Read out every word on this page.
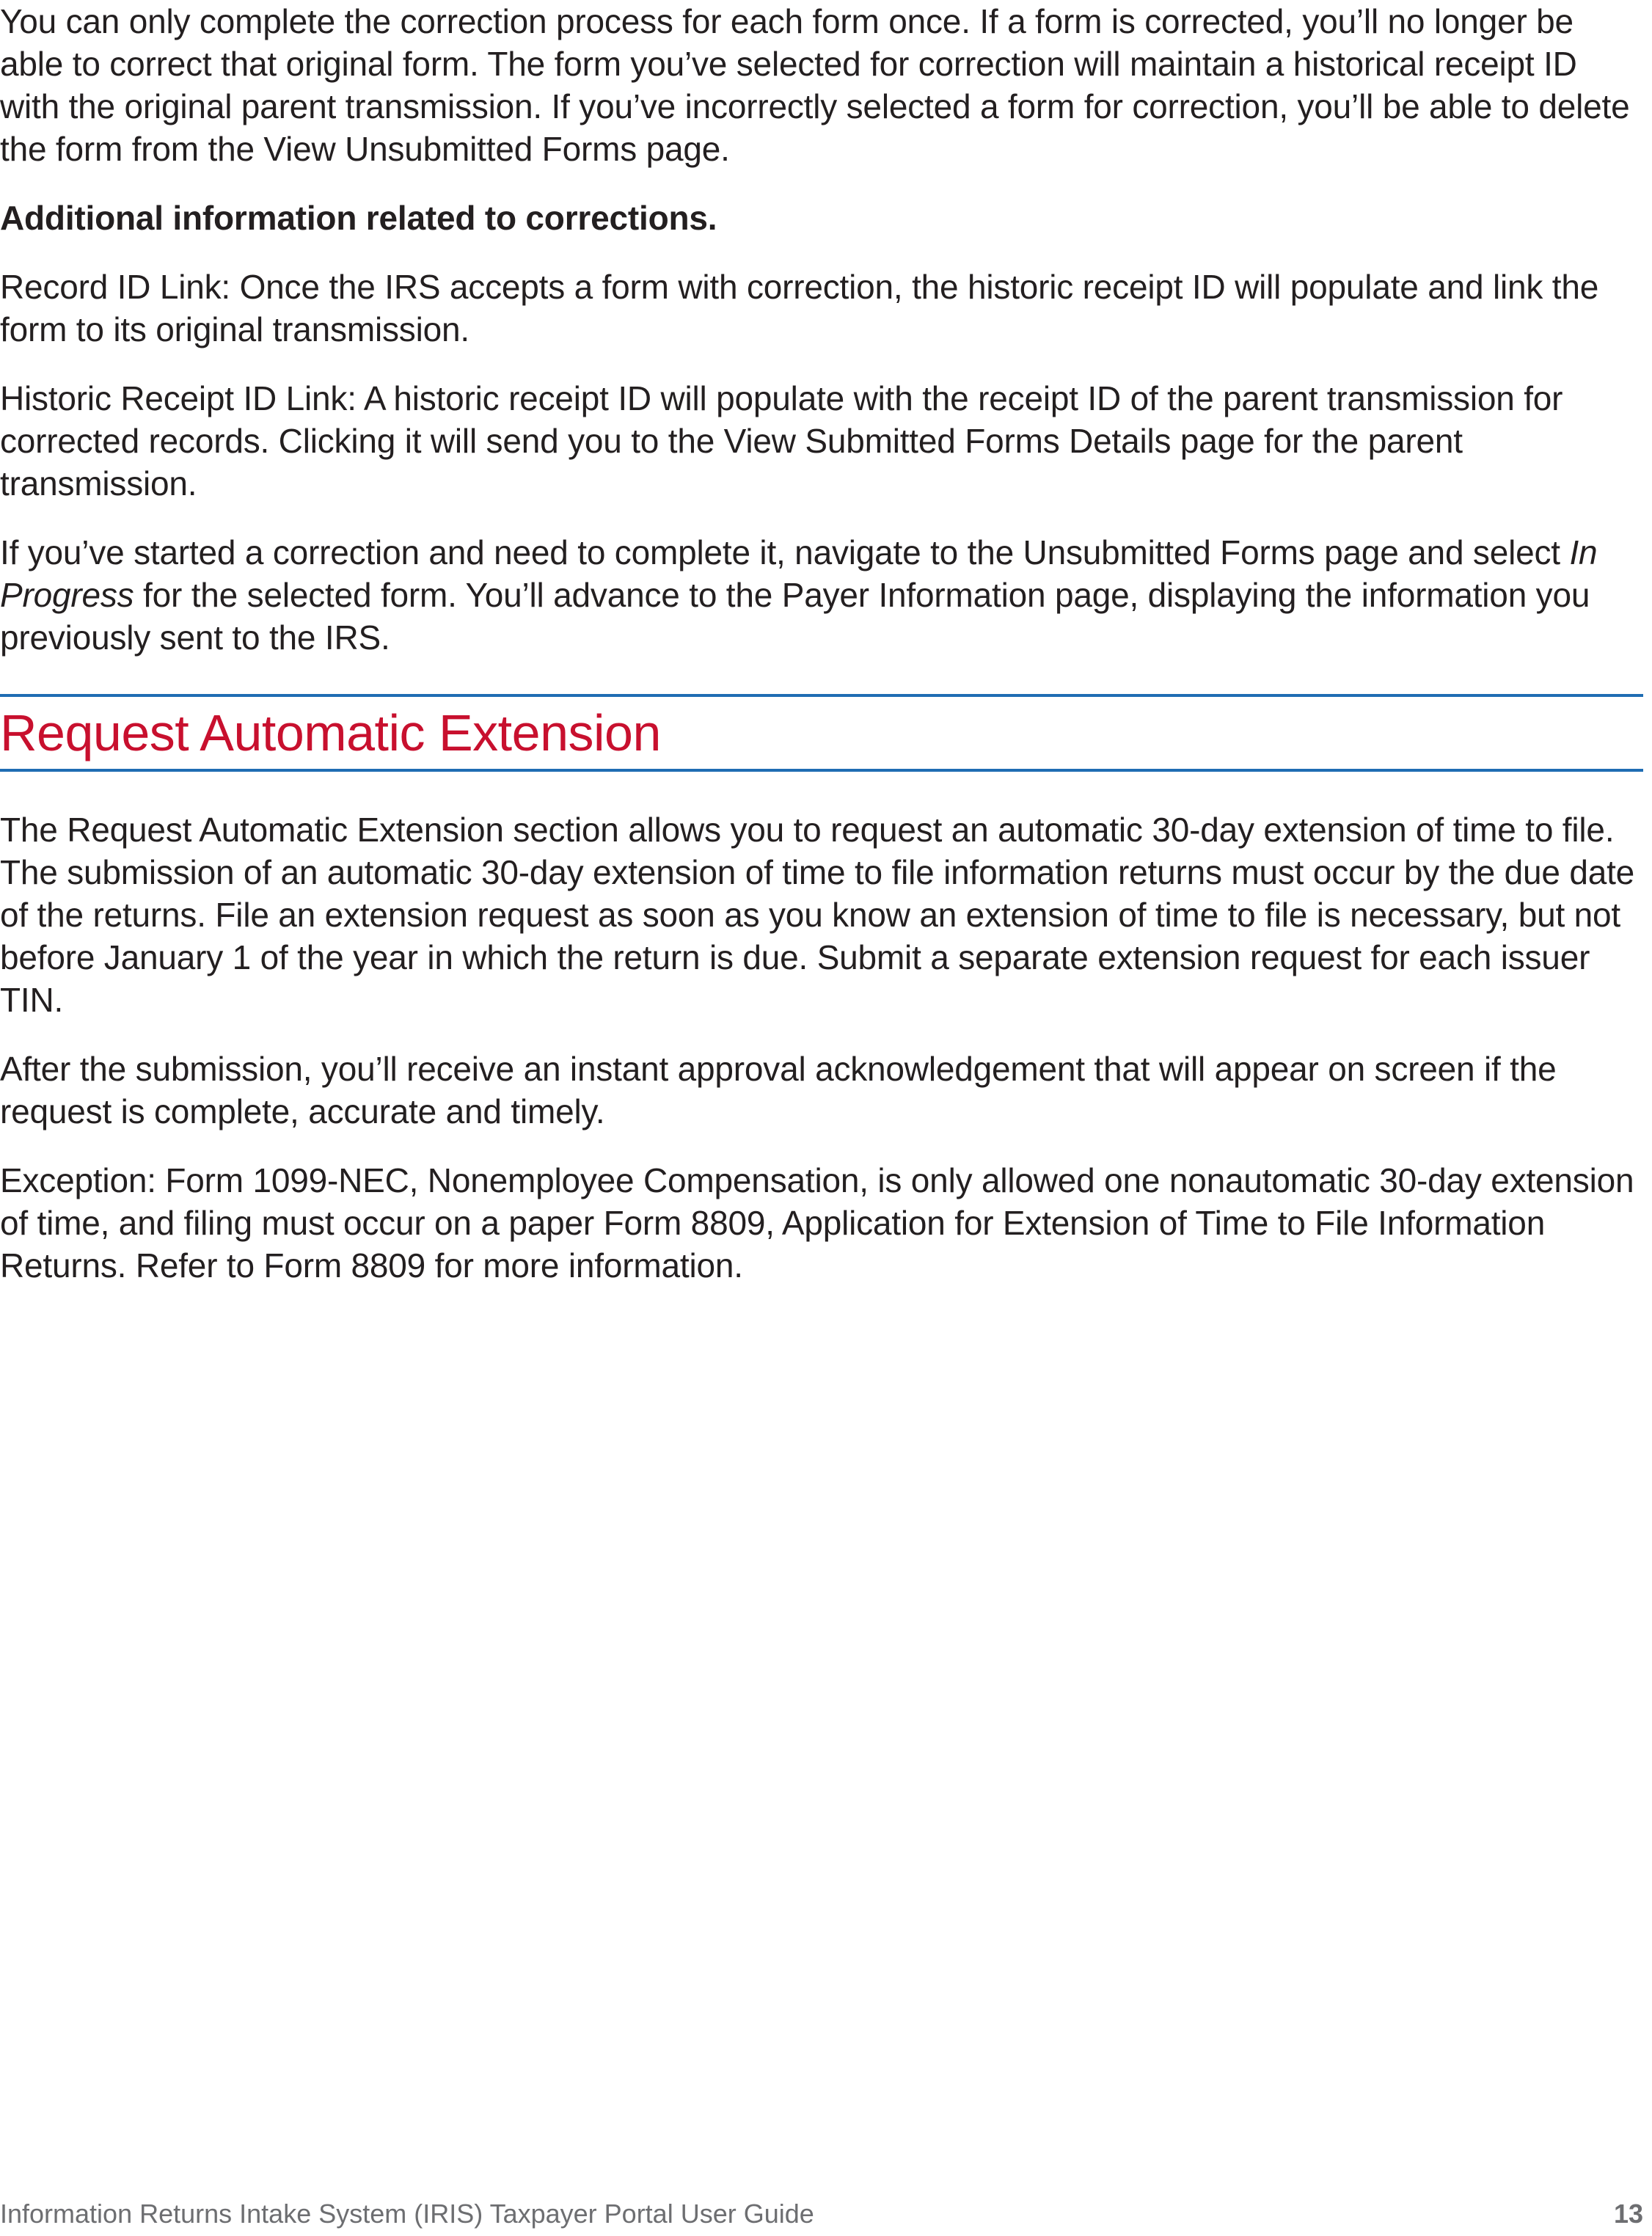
You can only complete the correction process for each form once. If a form is corrected, you’ll no longer be able to correct that original form. The form you’ve selected for correction will maintain a historical receipt ID with the original parent transmission. If you’ve incorrectly selected a form for correction, you’ll be able to delete the form from the View Unsubmitted Forms page.

Additional information related to corrections.

Record ID Link: Once the IRS accepts a form with correction, the historic receipt ID will populate and link the form to its original transmission.

Historic Receipt ID Link: A historic receipt ID will populate with the receipt ID of the parent transmission for corrected records. Clicking it will send you to the View Submitted Forms Details page for the parent transmission.

If you’ve started a correction and need to complete it, navigate to the Unsubmitted Forms page and select In Progress for the selected form. You’ll advance to the Payer Information page, displaying the information you previously sent to the IRS.

Request Automatic Extension

The Request Automatic Extension section allows you to request an automatic 30-day extension of time to file. The submission of an automatic 30-day extension of time to file information returns must occur by the due date of the returns. File an extension request as soon as you know an extension of time to file is necessary, but not before January 1 of the year in which the return is due. Submit a separate extension request for each issuer TIN.

After the submission, you’ll receive an instant approval acknowledgement that will appear on screen if the request is complete, accurate and timely.

Exception: Form 1099-NEC, Nonemployee Compensation, is only allowed one nonautomatic 30-day extension of time, and filing must occur on a paper Form 8809, Application for Extension of Time to File Information Returns. Refer to Form 8809 for more information.

Information Returns Intake System (IRIS) Taxpayer Portal User Guide	13
